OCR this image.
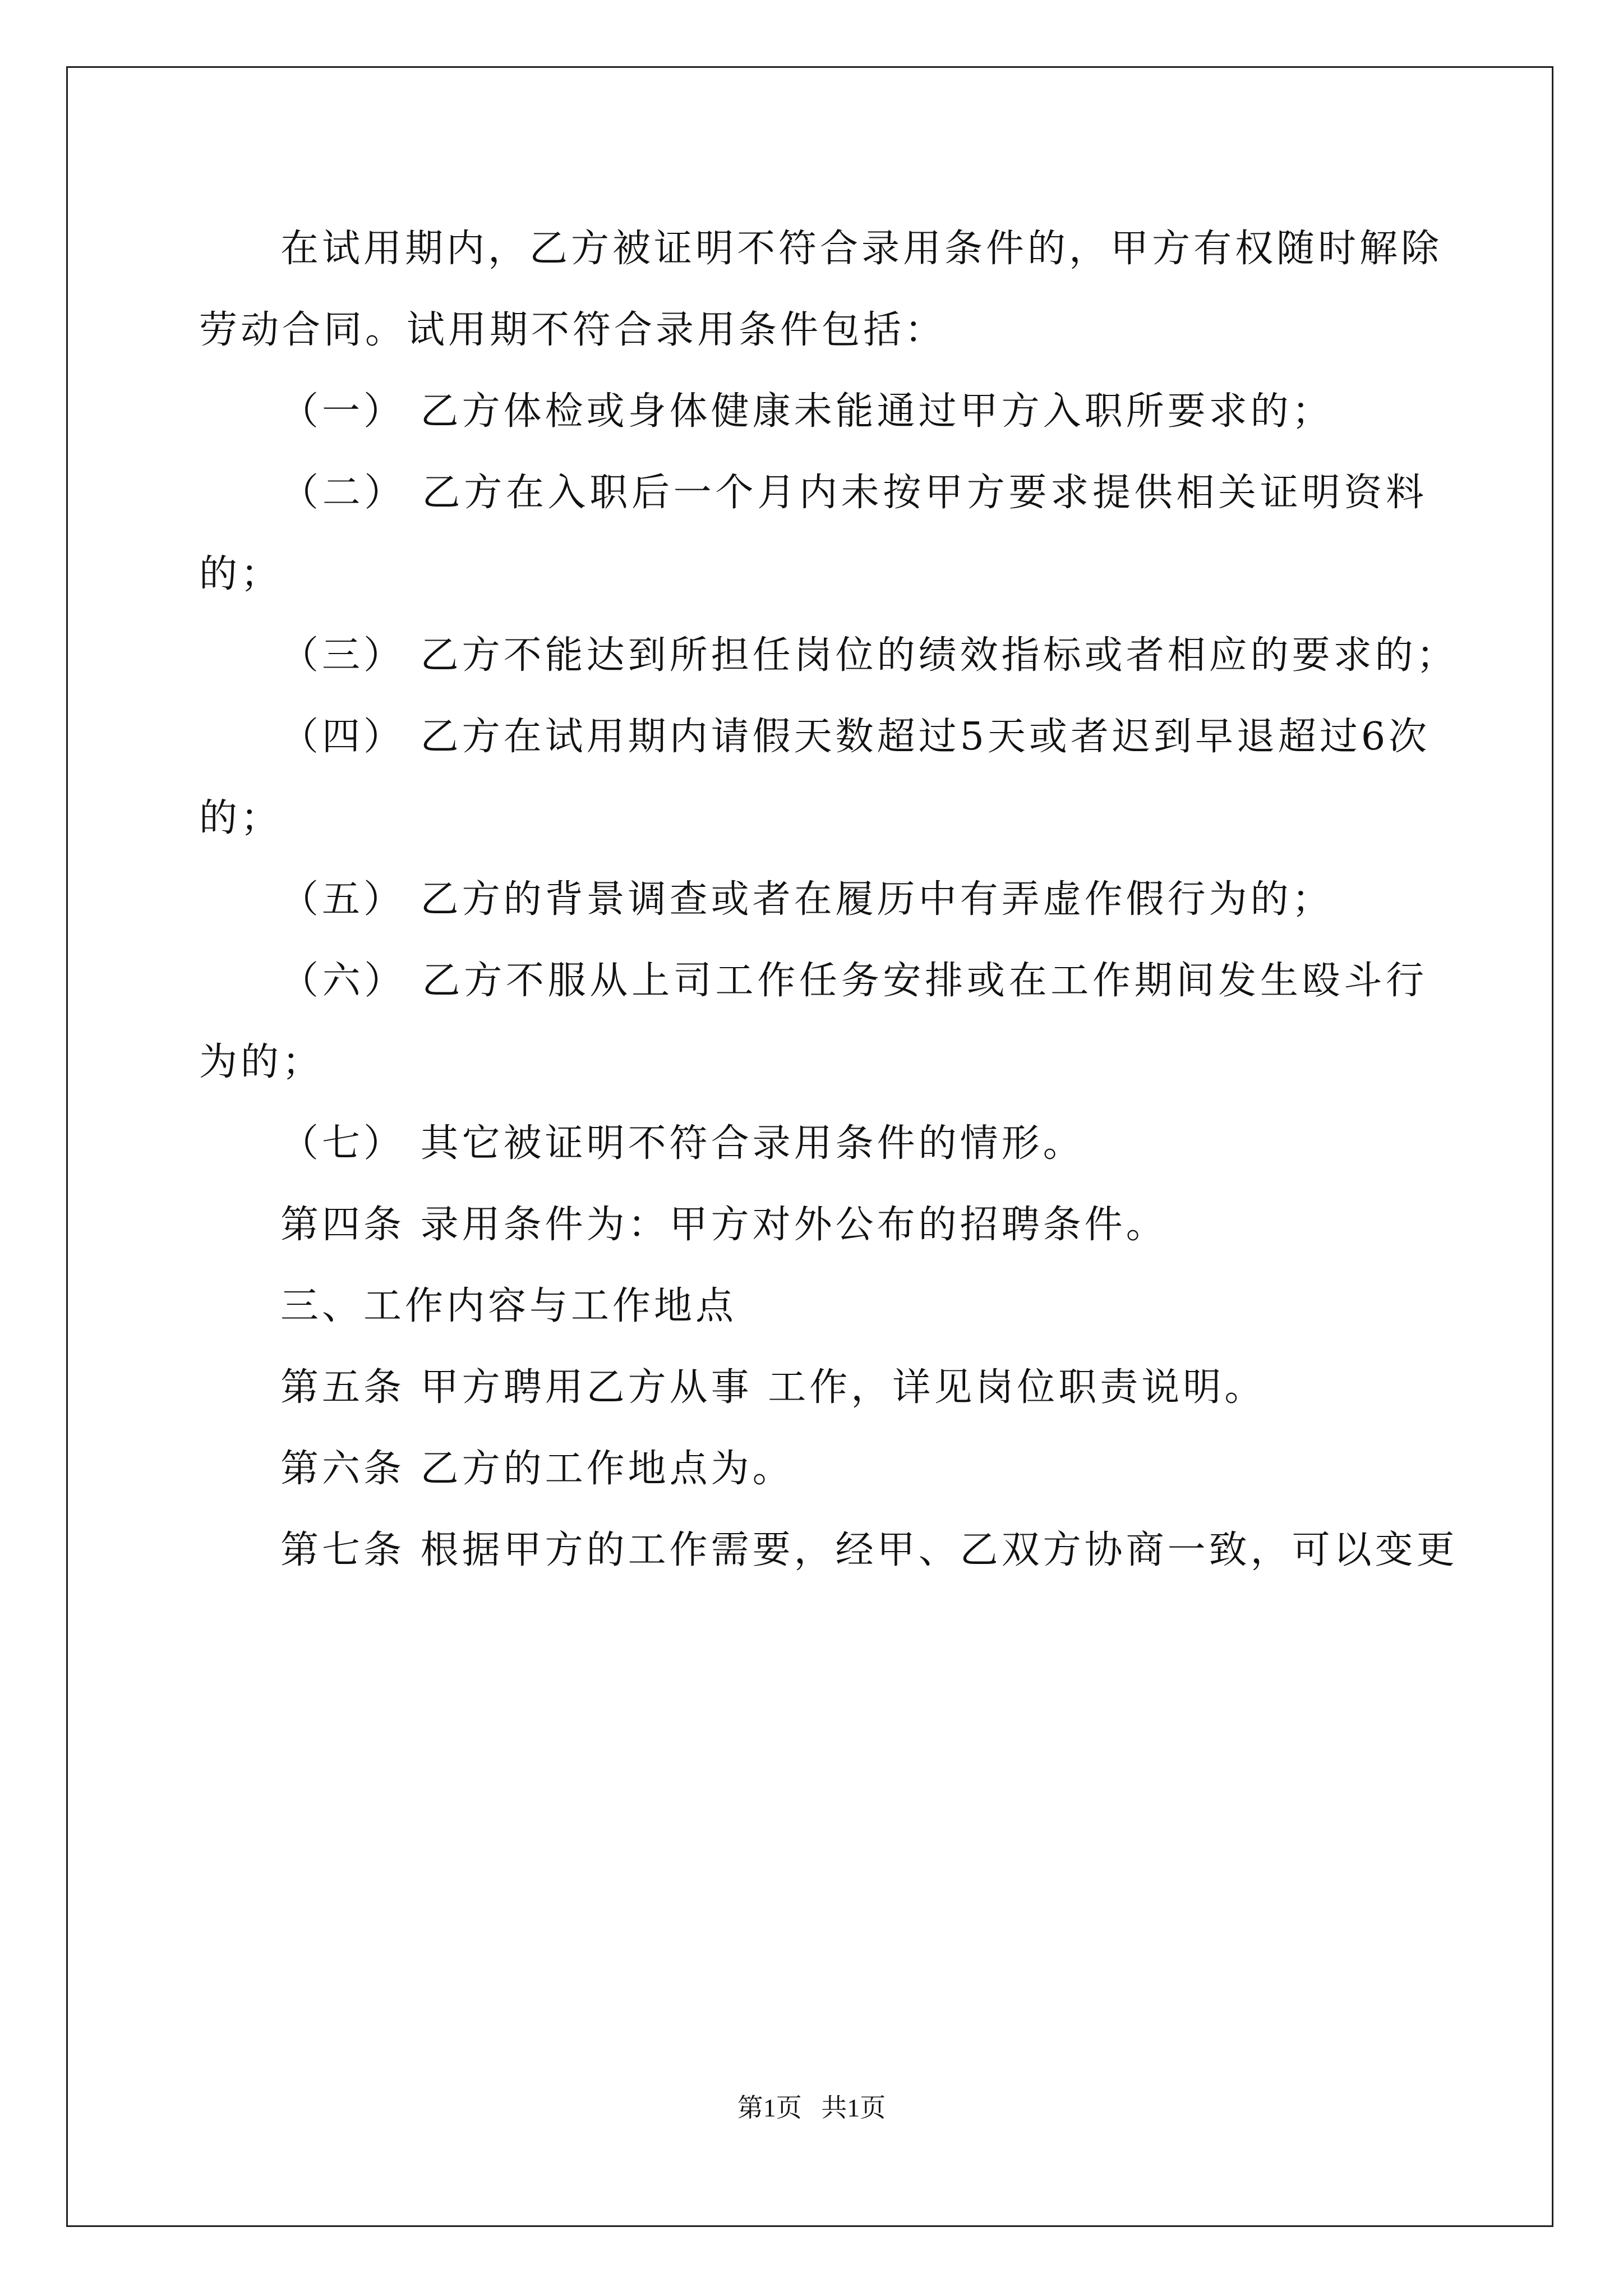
在试用期内，乙方被证明不符合录用条件的，甲方有权随时解除
劳动合同。试用期不符合录用条件包括：
（一） 乙方体检或身体健康未能通过甲方入职所要求的；
（二） 乙方在入职后一个月内未按甲方要求提供相关证明资料
的；
（三） 乙方不能达到所担任岗位的绩效指标或者相应的要求的；
（四） 乙方在试用期内请假天数超过5天或者迟到早退超过6次
的；
（五） 乙方的背景调查或者在履历中有弄虚作假行为的；
（六） 乙方不服从上司工作任务安排或在工作期间发生殴斗行
为的；
（七） 其它被证明不符合录用条件的情形。
第四条 录用条件为：甲方对外公布的招聘条件。
三、工作内容与工作地点
第五条 甲方聘用乙方从事 工作，详见岗位职责说明。
第六条 乙方的工作地点为。
第七条 根据甲方的工作需要，经甲、乙双方协商一致，可以变更
第1页   共1页
